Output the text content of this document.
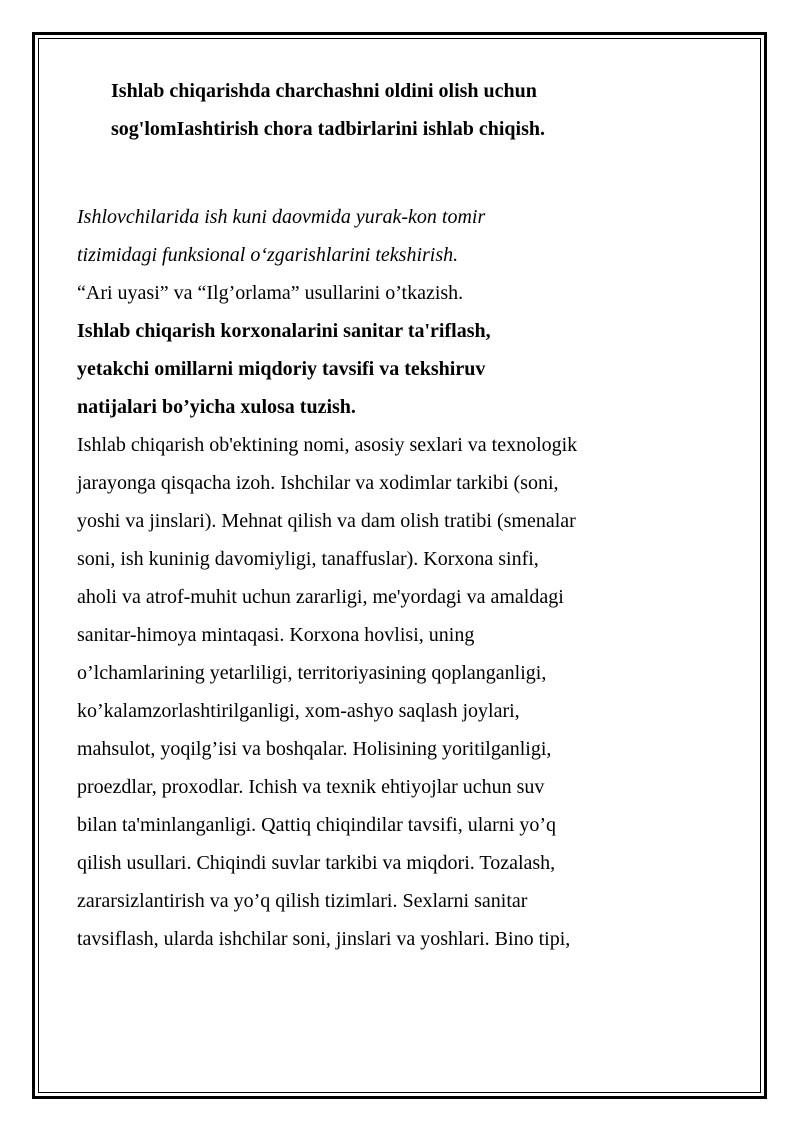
Ishlab chiqarishda charchashni oldini olish uchun
sog'lomIashtirish chora tadbirlarini ishlab chiqish.
Ishlovchilarida ish kuni daovmida yurak-kon tomir
tizimidagi funksional o‘zgarishlarini tekshirish.
“Ari uyasi” va “Ilg’orlama” usullarini o’tkazish.
Ishlab chiqarish korxonalarini sanitar ta'riflash,
yetakchi omillarni miqdoriy tavsifi va tekshiruv
natijalari bo’yicha xulosa tuzish.
Ishlab chiqarish ob'ektining nomi, asosiy sexlari va texnologik
jarayonga qisqacha izoh. Ishchilar va xodimlar tarkibi (soni,
yoshi va jinslari). Mehnat qilish va dam olish tratibi (smenalar
soni, ish kuninig davomiyligi, tanaffuslar). Korxona sinfi,
aholi va atrof-muhit uchun zararligi, me'yordagi va amaldagi
sanitar-himoya mintaqasi. Korxona hovlisi, uning
o’lchamlarining yetarliligi, territoriyasining qoplanganligi,
ko’kalamzorlashtirilganligi, xom-ashyo saqlash joylari,
mahsulot, yoqilg’isi va boshqalar. Holisining yoritilganligi,
proezdlar, proxodlar. Ichish va texnik ehtiyojlar uchun suv
bilan ta'minlanganligi. Qattiq chiqindilar tavsifi, ularni yo’q
qilish usullari. Chiqindi suvlar tarkibi va miqdori. Tozalash,
zararsizlantirish va yo’q qilish tizimlari. Sexlarni sanitar
tavsiflash, ularda ishchilar soni, jinslari va yoshlari. Bino tipi,
